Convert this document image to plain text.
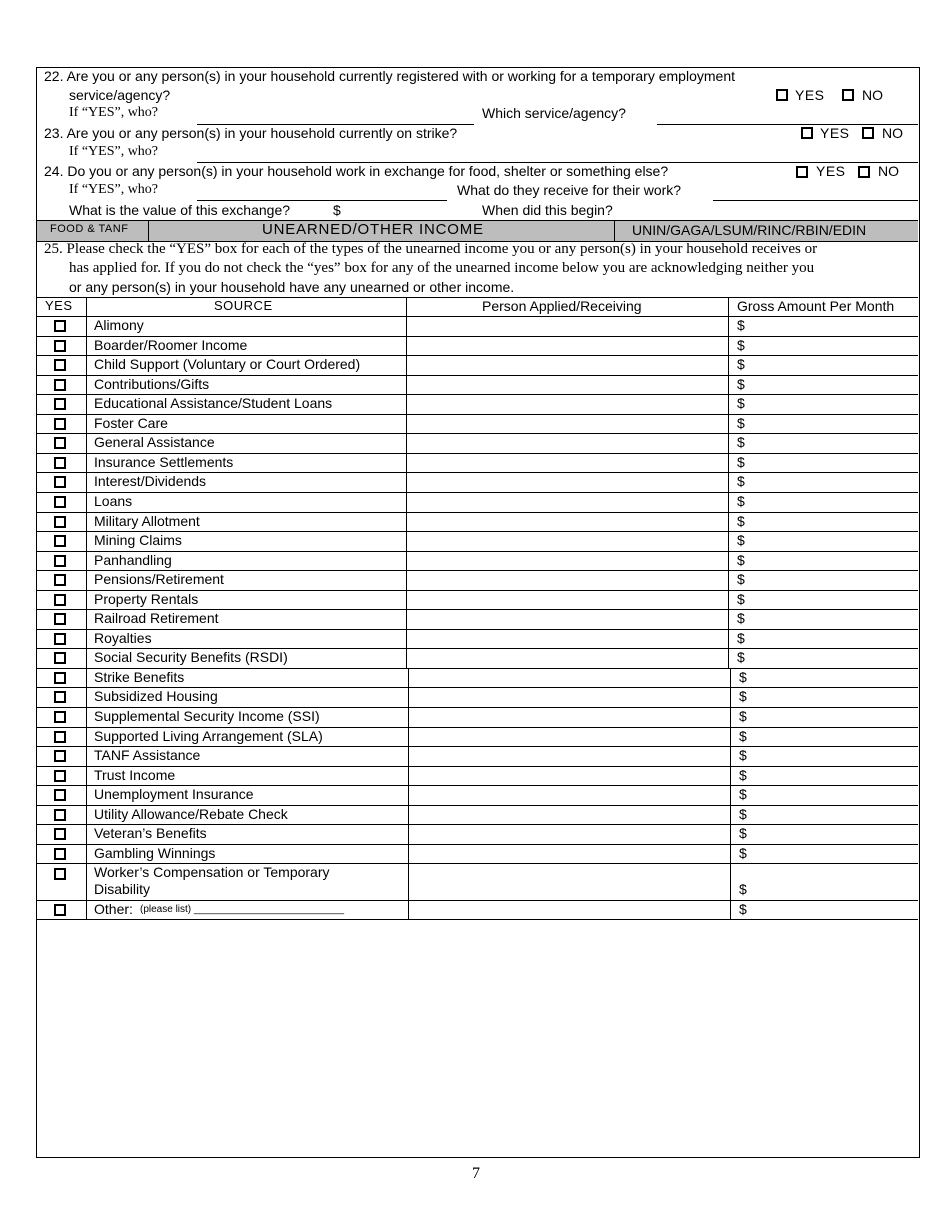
22. Are you or any person(s) in your household currently registered with or working for a temporary employment
service/agency?	YES	NO
If “YES”, who?	Which service/agency?
23. Are you or any person(s) in your household currently on strike?	YES NO
If “YES”, who?
24. Do you or any person(s) in your household work in exchange for food, shelter or something else?	YES NO
If “YES”, who?	What do they receive for their work?
What is the value of this exchange?	$	When did this begin?
FOOD & TANF	UNEARNED/OTHER INCOME	UNIN/GAGA/LSUM/RINC/RBIN/EDIN
25. Please check the “YES” box for each of the types of the unearned income you or any person(s) in your household receives or
has applied for. If you do not check the “yes” box for any of the unearned income below you are acknowledging neither you
or any person(s) in your household have any unearned or other income.
YES	SOURCE	Person Applied/Receiving	Gross Amount Per Month
Alimony	$
Boarder/Roomer Income	$
Child Support (Voluntary or Court Ordered)	$
Contributions/Gifts	$
Educational Assistance/Student Loans	$
Foster Care	$
General Assistance	$
Insurance Settlements	$
Interest/Dividends	$
Loans	$
Military Allotment	$
Mining Claims	$
Panhandling	$
Pensions/Retirement	$
Property Rentals	$
Railroad Retirement	$
Royalties	$
Social Security Benefits (RSDI)	$
Strike Benefits	$
Subsidized Housing	$
Supplemental Security Income (SSI)	$
Supported Living Arrangement (SLA)	$
TANF Assistance	$
Trust Income	$
Unemployment Insurance	$
Utility Allowance/Rebate Check	$
Veteran’s Benefits	$
Gambling Winnings	$
Worker’s Compensation or Temporary
Disability	$
Other: (please list) ___________________________	$
7
